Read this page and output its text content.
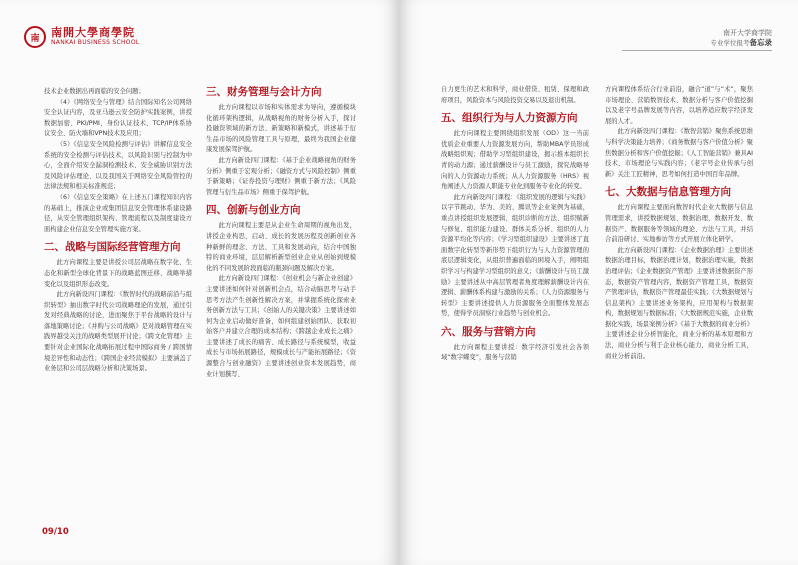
南 南開大學商學院
NANKAI BUSINESS SCHOOL

技术企业数据出再面临的安全问题；

（4）《网络安全与管理》结合国际知名公司网络安全认证内容，及亚马逊云安全防护实践案例，讲授数据加密、PKI/PMI、身份认证技术、TCP/IP体系协议安全、防火墙和VPN技术及应用；

（5）《信息安全风险检测与评估》讲解信息安全系统的安全检测与评估技术，以风险识别与控制为中心，全面介绍安全漏洞检测技术、安全威胁识别方法及风险评估理论、以及我国关于网络安全风险管控的法律法规和相关标准规范；

（6）《信息安全策略》在上述五门课程知识内容的基础上，推演企业或集团信息安全管理体系建设路径，从安全管理组织架构、管理流程以及制度建设方面构建企业信息安全管理实施方案。

二、战略与国际经营管理方向

此方向课程主要是讲授公司层战略在数字化、生态化和新型全球化背景下的战略蓝图迁移、战略举措变化以及组织形态改变。

此方向新设四门课程：《数智时代的战略前沿与组织转型》抽出数字时代公司战略理论的发展，通过引发对经典战略的讨论，进而聚焦于平台战略的设计与落地策略讨论；《并购与公司战略》是对战略管理在实践界越受关注的战略类型展开讨论；《跨文化管理》主要针对企业国际化战略拓展过程中国际商务 / 跨国情境差异性和动态性；《跨国企业经营模拟》主要涵盖了业务层和公司层战略分析和决策场景。

三、财务管理与会计方向

此方向课程以市场和实体需求为导向，遵循模块化循环架构逻辑，从战略视角的财务分析入手，探讨投融资领域的新方法、新策略和新模式，讲述基于衍生品市场的风险管理工具与原理，最终为我国企业健康发展保驾护航。

此方向新设四门课程：《基于企业战略视角的财务分析》侧重于宏观分析；《融资方式与风险控制》侧重于新策略；《证券投资与理财》侧重于新方法；《风险管理与衍生品市场》侧重于保驾护航。

四、创新与创业方向

此方向课程主要是从企业生命周期的视角出发，讲授企业构思、启动、成长的发展历程及创新创业各种新鲜的理念、方法、工具和发展动向，结合中国独特的商业环境，层层解析新型创业企业从创始到规模化的不同发展阶段面临的瓶颈问题及解决方案。

此方向新设四门课程：《创业机会与新企业创建》主要讲述如何针对创新机会点，结合动脑思考与动手思考方法产生创新性解决方案，并掌握系统化探索业务创新方法与工具；《创始人的关键决策》主要讲述如何为企业启动做好准备，如何组建创始团队、获取初始客户并建立合理的成本结构；《跨越企业成长之痛》主要讲述了成长的痛苦、成长路径与系统模型，收益成长与市场拓展路径，规模成长与产能拓展路径；《资源整合与创业融资》主要讲述创业资本发展趋势，商业计划撰写、

09/10
南开大学商学院
专业学位报考备忘录

自力更生的艺术和科学，商业借贷、租赁、保理和政府项目，风险资本与风险投资交易以及退出机制。

五、组织行为与人力资源方向

此方向课程主要围绕组织发展（OD）这一当前优质企业重要人力资源发展方向，帮助MBA学员形成战略组织观；借助学习型组织建设，揭示推本组织长青的动力源；通过薪酬设计与员工激励，探究战略导向的人力资源动力系统；从人力资源服务（HRS）视角阐述人力资源人职能专业化到服务专业化的转变。

此方向新设四门课程：《组织发展的逻辑与实践》以字节跳动、华为、美的、腾讯等企业案例为基础，重点讲授组织发展逻辑、组织诊断的方法、组织赋新与修复、组织能力建设、群体关系分析、组织的人力资源平均化等内容；《学习型组织建设》主要讲述了直面数字化转型等新形势下组织行为与人力资源管理的底层逻辑变化，从组织普遍面临的困境入手，阐明组织学习与构建学习型组织的意义；《薪酬设计与员工激励》主要讲述从中高层管理者角度理解薪酬设计内在逻辑、薪酬体系构建与激励的关系；《人力资源服务与转型》主要讲述提供人力资源服务全面整体发展态势，使得学员洞察行业趋势与创业机会。

六、服务与营销方向

此方向课程主要讲授：数字经济引发社会各领域“数字蝶变”，服务与营销

方向课程体系结合行业前沿，融合“道”与“术”，聚焦市场理论、营销数智技术、数据分析与客户价值挖掘以及老字号品牌发展等内容，以培养适应数字经济发展的人才。

此方向新设四门课程：《数智营销》聚焦系统思维与科学决策能力培养；《商务数据与客户价值分析》聚焦数据分析和客户价值挖掘；《人工智能营销》兼具AI技术、市场理论与实践内容；《老字号企业传承与创新》关注工匠精神，思考如何打造中国百年品牌。

七、大数据与信息管理方向

此方向课程主要面向数智时代企业大数据与信息管理需求，讲授数据规划、数据治理、数据开发、数据资产、数据服务等领域的理论、方法与工具，并结合前沿研讨、实地参访等方式开展立体化研学。

此方向新设四门课程：《企业数据治理》主要讲述数据治理目标，数据治理计划，数据治理实施，数据治理评估；《企业数据资产管理》主要讲述数据资产形态，数据资产管理内容，数据资产管理工具，数据资产管理评估，数据资产管理最佳实践；《大数据规划与信息架构》主要讲述业务架构，应用架构与数据架构，数据规划与数据标准；《大数据规范实施，企业数据化实践，场景案例分析》《基于大数据的商业分析》主要讲述企业分析智能化，商业分析的基本原理和方法，商业分析与利于企业核心能力，商业分析工具，商业分析前沿。
